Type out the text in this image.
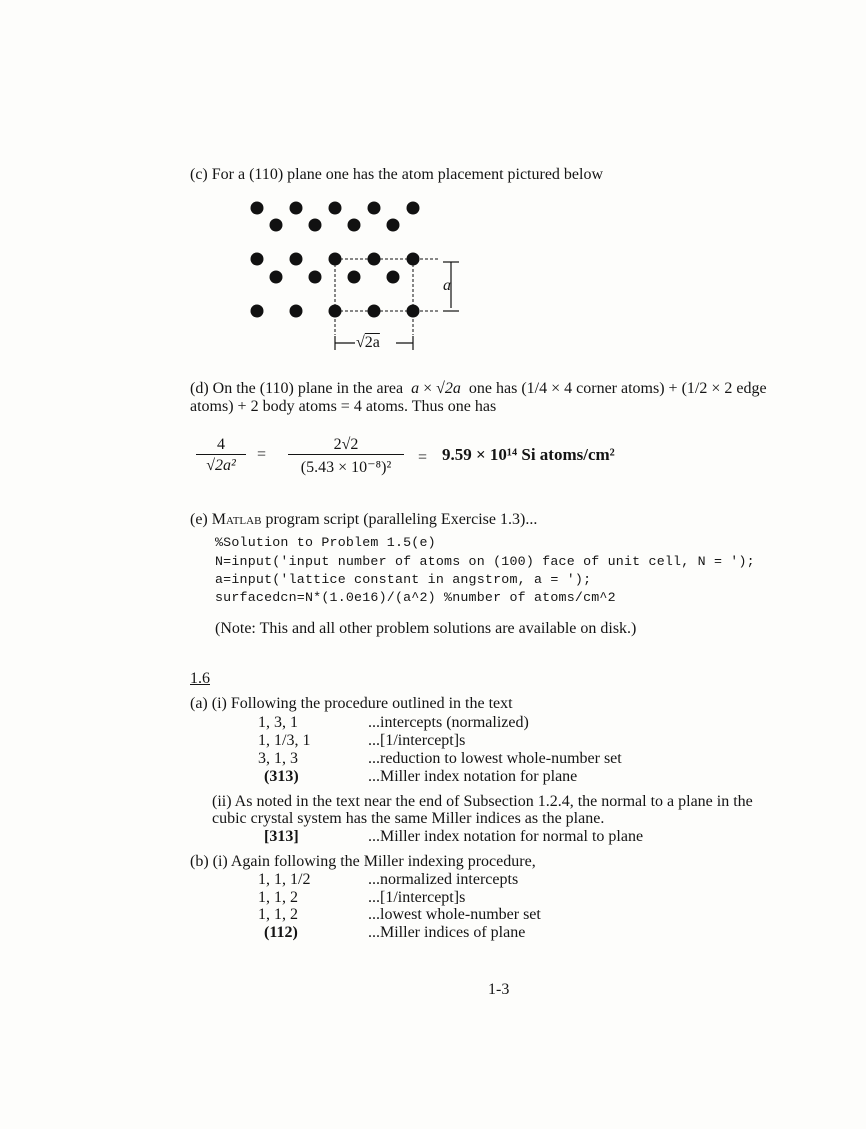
(c) For a (110) plane one has the atom placement pictured below
a
√2a
(d) On the (110) plane in the area a × √2a one has (1/4 × 4 corner atoms) + (1/2 × 2 edge
atoms) + 2 body atoms = 4 atoms. Thus one has
$\frac{4}{\text{√2a²}} = \frac{2√2}{\text{(5.43 × 10⁻⁸)²}} = 9.59 \times 10^{14}$ Si atoms/cm²
(e) Matlab program script (paralleling Exercise 1.3)...
%Solution to Problem 1.5(e)
N=input('input number of atoms on (100) face of unit cell, N = ');
a=input('lattice constant in angstrom, a = ');
surfacedcn=N*(1.0e16)/(a^2) %number of atoms/cm^2
(Note: This and all other problem solutions are available on disk.)
1.6
(a) (i) Following the procedure outlined in the text
1, 3, 1	...intercepts (normalized)
1, 1/3, 1	...[1/intercept]s
3, 1, 3	...reduction to lowest whole-number set
(313)	...Miller index notation for plane
(ii) As noted in the text near the end of Subsection 1.2.4, the normal to a plane in the
cubic crystal system has the same Miller indices as the plane.
[313]	...Miller index notation for normal to plane
(b) (i) Again following the Miller indexing procedure,
1, 1, 1/2	...normalized intercepts
1, 1, 2	...[1/intercept]s
1, 1, 2	...lowest whole-number set
(112)	...Miller indices of plane
1-3
